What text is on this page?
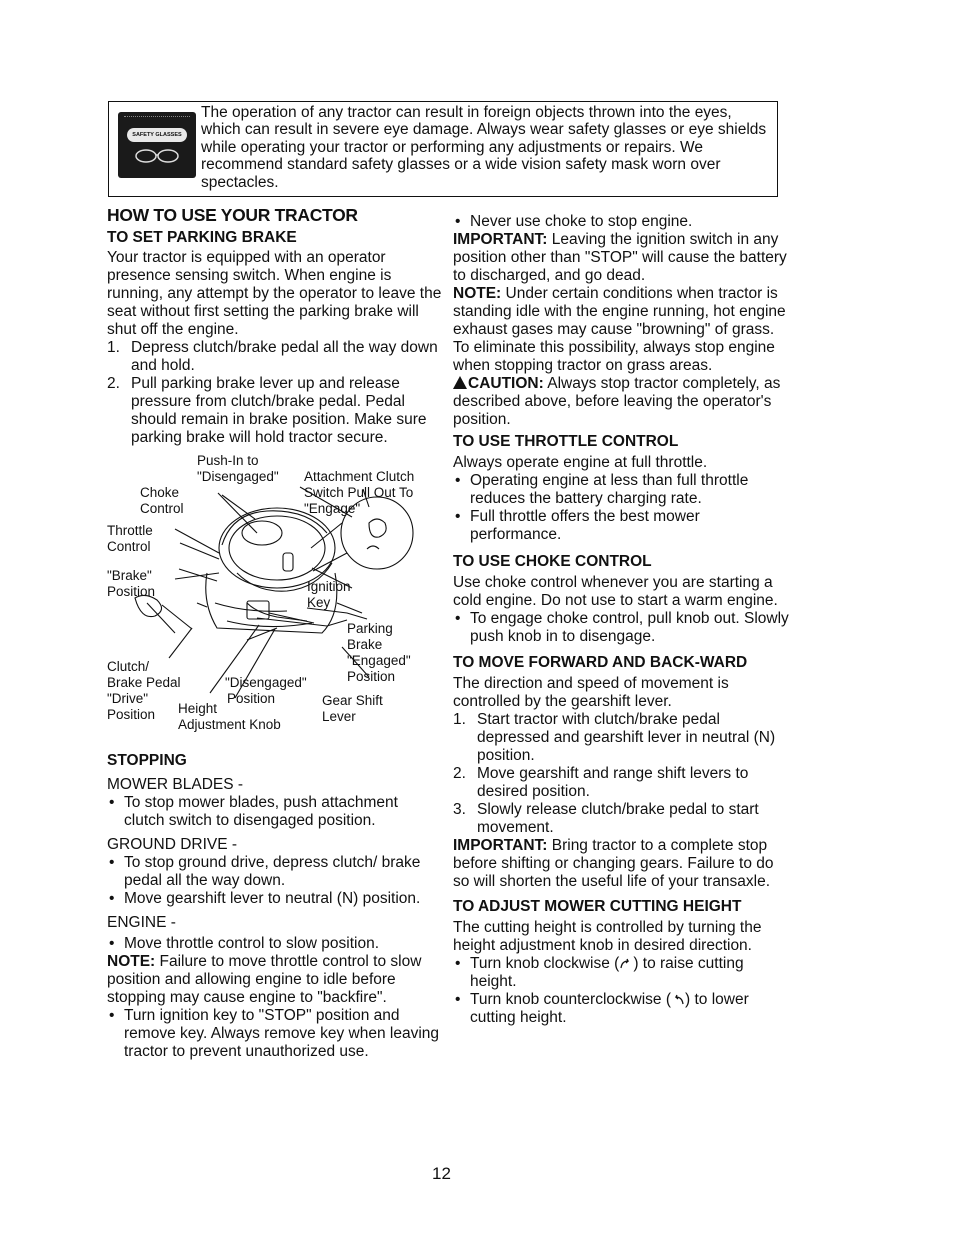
SAFETY GLASSES
The operation of any tractor can result in foreign objects thrown into the eyes, which can result in severe eye damage. Always wear safety glasses or eye shields while operating your tractor or performing any adjustments or repairs. We recommend standard safety glasses or a wide vision safety mask worn over spectacles.
HOW TO USE YOUR TRACTOR
TO SET PARKING BRAKE
Your tractor is equipped with an operator presence sensing switch. When engine is running, any attempt by the operator to leave the seat without first setting the parking brake will shut off the engine.
1. Depress clutch/brake pedal all the way down and hold.
2. Pull parking brake lever up and release pressure from clutch/brake pedal. Pedal should remain in brake position. Make sure parking brake will hold tractor secure.
Push-In to
"Disengaged" Attachment Clutch
Switch Pull Out To
"Engage"
Choke
Control
Throttle
Control
"Brake"
Position	Ignition
Key
Parking
Brake
"Engaged"
Position
Clutch/
Brake Pedal	"Disengaged"
Position
"Drive"
Position Height
Adjustment Knob
Gear Shift
Lever
STOPPING
MOWER BLADES -
• To stop mower blades, push attachment clutch switch to disengaged position.
GROUND DRIVE -
• To stop ground drive, depress clutch/ brake pedal all the way down.
• Move gearshift lever to neutral (N) position.
ENGINE -
• Move throttle control to slow position.
NOTE: Failure to move throttle control to slow position and allowing engine to idle before stopping may cause engine to "backfire".
• Turn ignition key to "STOP" position and remove key. Always remove key when leaving tractor to prevent unauthorized use.
• Never use choke to stop engine.
IMPORTANT: Leaving the ignition switch in any position other than "STOP" will cause the battery to discharged, and go dead.
NOTE: Under certain conditions when tractor is standing idle with the engine running, hot engine exhaust gases may cause "browning" of grass. To eliminate this possibility, always stop engine when stopping tractor on grass areas.
CAUTION: Always stop tractor completely, as described above, before leaving the operator's position.
TO USE THROTTLE CONTROL
Always operate engine at full throttle.
• Operating engine at less than full throttle reduces the battery charging rate.
• Full throttle offers the best mower performance.
TO USE CHOKE CONTROL
Use choke control whenever you are starting a cold engine. Do not use to start a warm engine.
• To engage choke control, pull knob out. Slowly push knob in to disengage.
TO MOVE FORWARD AND BACK-WARD
The direction and speed of movement is controlled by the gearshift lever.
1. Start tractor with clutch/brake pedal depressed and gearshift lever in neutral (N) position.
2. Move gearshift and range shift levers to desired position.
3. Slowly release clutch/brake pedal to start movement.
IMPORTANT: Bring tractor to a complete stop before shifting or changing gears. Failure to do so will shorten the useful life of your transaxle.
TO ADJUST MOWER CUTTING HEIGHT
The cutting height is controlled by turning the height adjustment knob in desired direction.
• Turn knob clockwise ( ) to raise cutting height.
• Turn knob counterclockwise ( ) to lower cutting height.
12
